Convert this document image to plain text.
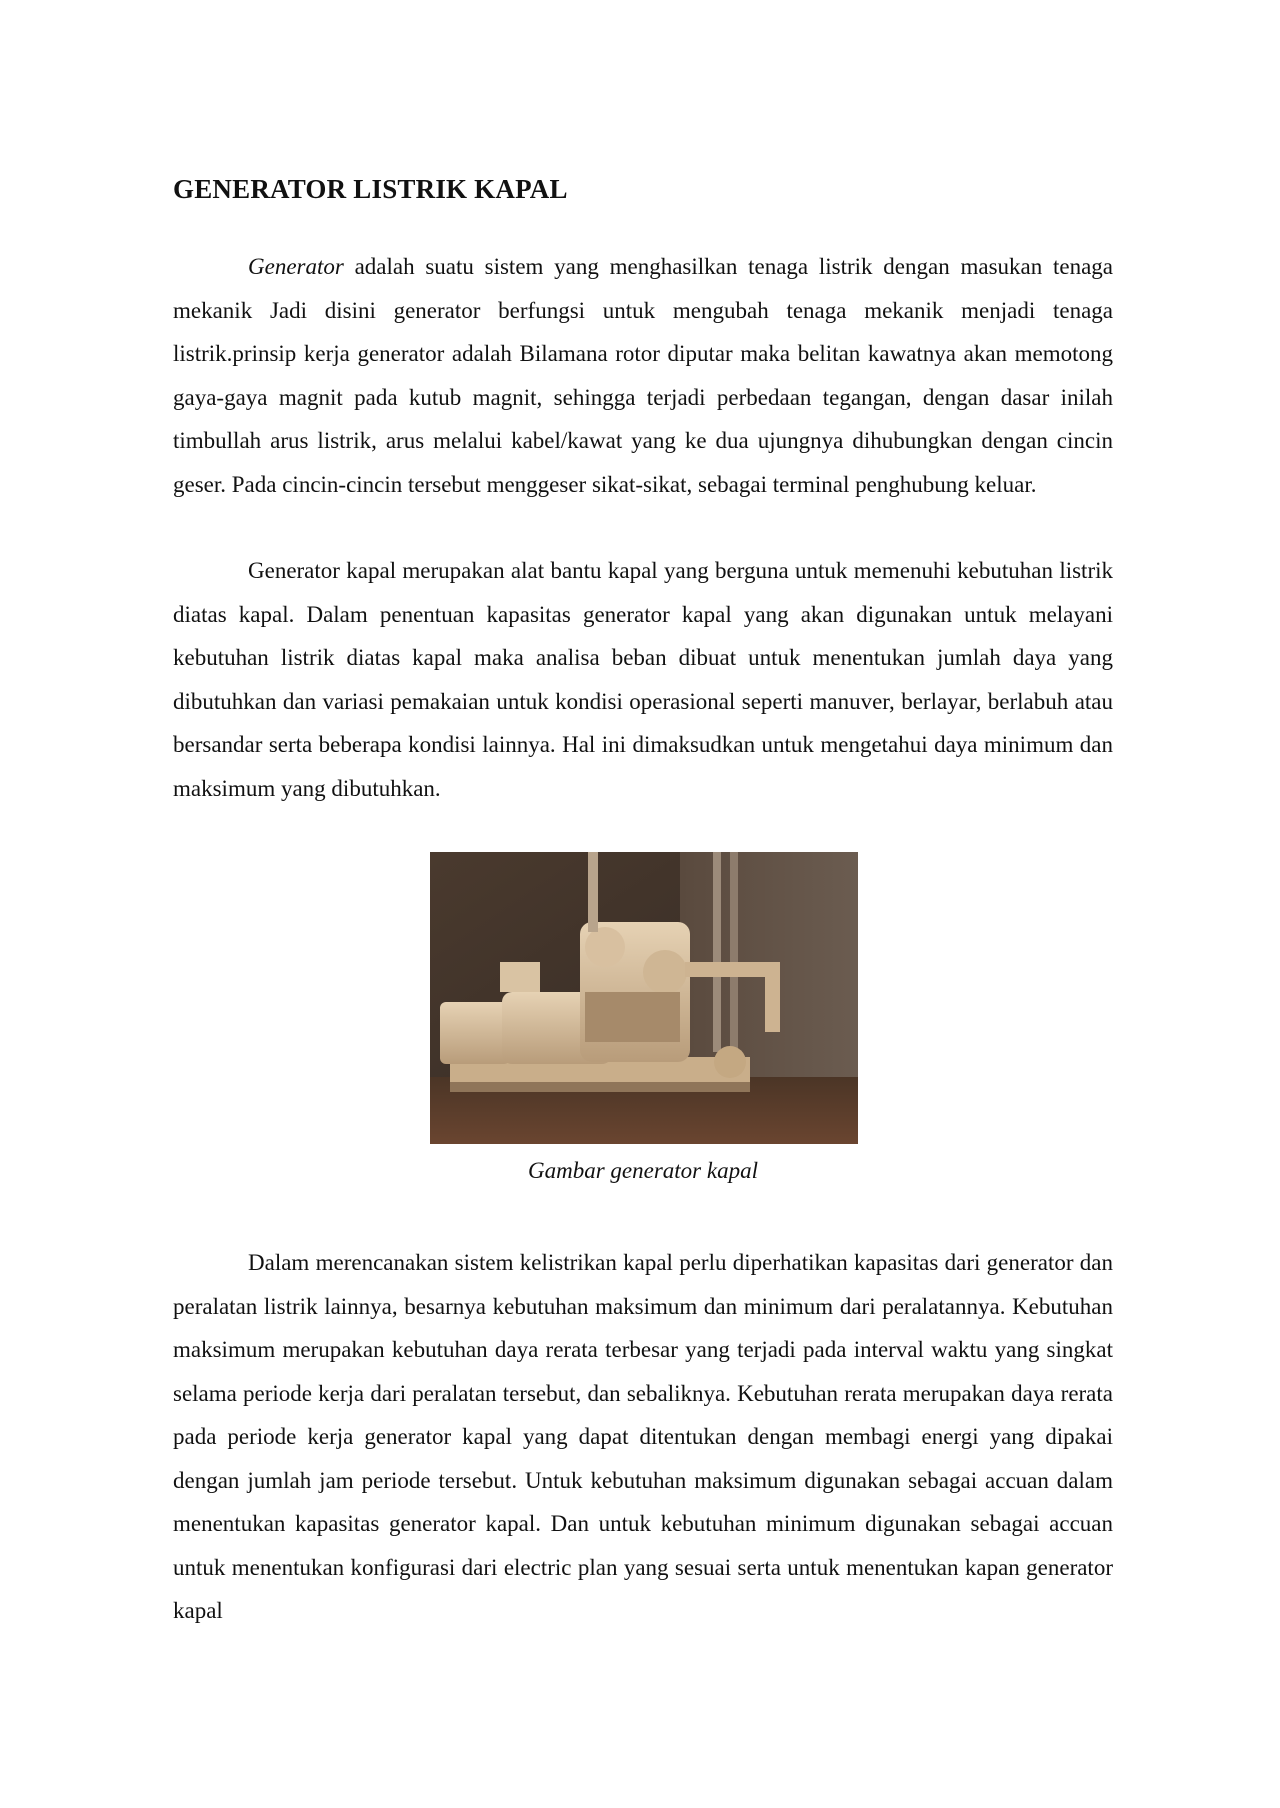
GENERATOR LISTRIK KAPAL

Generator adalah suatu sistem yang menghasilkan tenaga listrik dengan masukan tenaga mekanik Jadi disini generator berfungsi untuk mengubah tenaga mekanik menjadi tenaga listrik.prinsip kerja generator adalah Bilamana rotor diputar maka belitan kawatnya akan memotong gaya-gaya magnit pada kutub magnit, sehingga terjadi perbedaan tegangan, dengan dasar inilah timbullah arus listrik, arus melalui kabel/kawat yang ke dua ujungnya dihubungkan dengan cincin geser. Pada cincin-cincin tersebut menggeser sikat-sikat, sebagai terminal penghubung keluar.

Generator kapal merupakan alat bantu kapal yang berguna untuk memenuhi kebutuhan listrik diatas kapal. Dalam penentuan kapasitas generator kapal yang akan digunakan untuk melayani kebutuhan listrik diatas kapal maka analisa beban dibuat untuk menentukan jumlah daya yang dibutuhkan dan variasi pemakaian untuk kondisi operasional seperti manuver, berlayar, berlabuh atau bersandar serta beberapa kondisi lainnya. Hal ini dimaksudkan untuk mengetahui daya minimum dan maksimum yang dibutuhkan.

Gambar generator kapal

Dalam merencanakan sistem kelistrikan kapal perlu diperhatikan kapasitas dari generator dan peralatan listrik lainnya, besarnya kebutuhan maksimum dan minimum dari peralatannya. Kebutuhan maksimum merupakan kebutuhan daya rerata terbesar yang terjadi pada interval waktu yang singkat selama periode kerja dari peralatan tersebut, dan sebaliknya. Kebutuhan rerata merupakan daya rerata pada periode kerja generator kapal yang dapat ditentukan dengan membagi energi yang dipakai dengan jumlah jam periode tersebut. Untuk kebutuhan maksimum digunakan sebagai accuan dalam menentukan kapasitas generator kapal. Dan untuk kebutuhan minimum digunakan sebagai accuan untuk menentukan konfigurasi dari electric plan yang sesuai serta untuk menentukan kapan generator kapal
